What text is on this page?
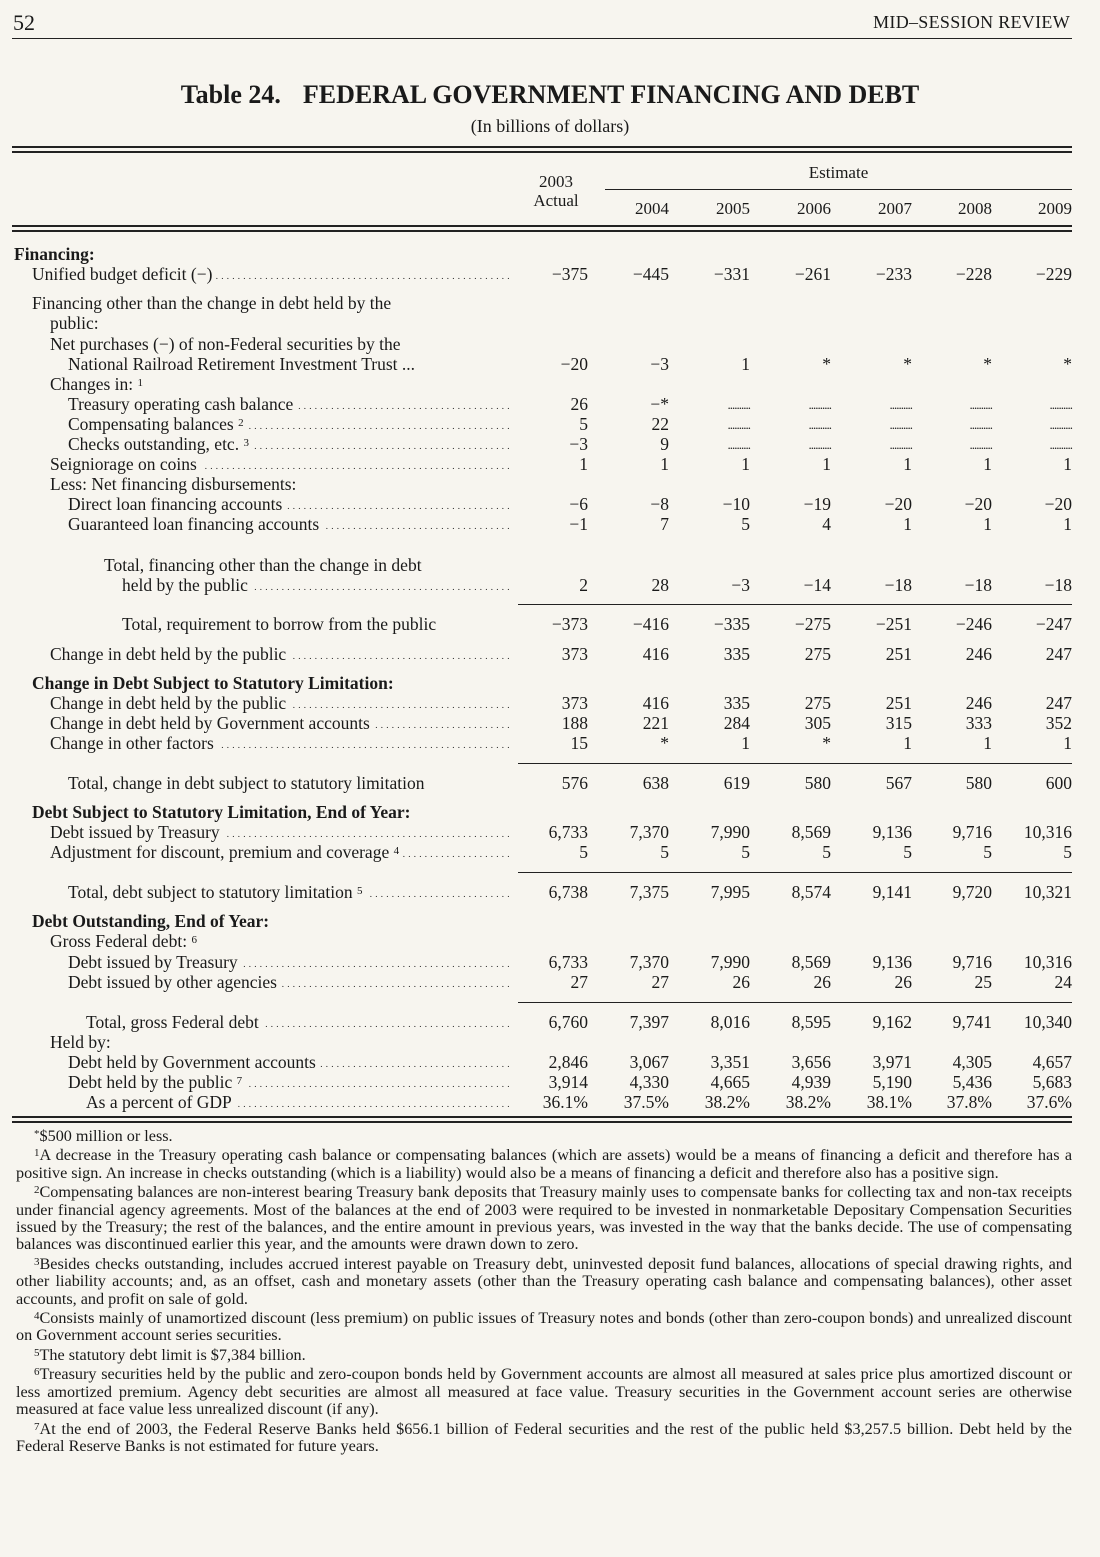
52	MID–SESSION REVIEW
Table 24. FEDERAL GOVERNMENT FINANCING AND DEBT
(In billions of dollars)
2003
Actual
Estimate
2004	2005	2006	2007	2008	2009
Financing:
Unified budget deficit (−)
. . .	−375	−445	−331	−261	−233	−228	−229
Financing other than the change in debt held by the
public:
Net purchases (−) of non-Federal securities by the
National Railroad Retirement Investment Trust ...	−20	−3	1	*	*	*	*
Changes in: $^1$
Treasury operating cash balance
. . .	26	−*	..........	..........	..........	..........	..........
Compensating balances $^2$
. . .	5	22	..........	..........	..........	..........	..........
Checks outstanding, etc. $^3$
. . .	−3	9	..........	..........	..........	..........	..........
Seigniorage on coins
. . .	1	1	1	1	1	1	1
Less: Net financing disbursements:
Direct loan financing accounts
. . .	−6	−8	−10	−19	−20	−20	−20
Guaranteed loan financing accounts
. . .	−1	7	5	4	1	1	1
Total, financing other than the change in debt
held by the public
. . .	2	28	−3	−14	−18	−18	−18
Total, requirement to borrow from the public	−373	−416	−335	−275	−251	−246	−247
Change in debt held by the public
. . .	373	416	335	275	251	246	247
Change in Debt Subject to Statutory Limitation:
Change in debt held by the public
. . .	373	416	335	275	251	246	247
Change in debt held by Government accounts
. . .	188	221	284	305	315	333	352
Change in other factors
. . .	15	*	1	*	1	1	1
Total, change in debt subject to statutory limitation	576	638	619	580	567	580	600
Debt Subject to Statutory Limitation, End of Year:
Debt issued by Treasury
. . .	6,733	7,370	7,990	8,569	9,136	9,716	10,316
Adjustment for discount, premium and coverage $^4$
. . .	5	5	5	5	5	5	5
Total, debt subject to statutory limitation $^5$
. . .	6,738	7,375	7,995	8,574	9,141	9,720	10,321
Debt Outstanding, End of Year:
Gross Federal debt: $^6$
Debt issued by Treasury
. . .	6,733	7,370	7,990	8,569	9,136	9,716	10,316
Debt issued by other agencies
. . .	27	27	26	26	26	25	24
Total, gross Federal debt
. . .	6,760	7,397	8,016	8,595	9,162	9,741	10,340
Held by:
Debt held by Government accounts
. . .	2,846	3,067	3,351	3,656	3,971	4,305	4,657
Debt held by the public $^7$
. . .	3,914	4,330	4,665	4,939	5,190	5,436	5,683
As a percent of GDP
. . .	36.1%	37.5%	38.2%	38.2%	38.1%	37.8%	37.6%

*$500 million or less.

$^1$A decrease in the Treasury operating cash balance or compensating balances (which are assets) would be a means of financing a deficit and therefore has a positive sign. An increase in checks outstanding (which is a liability) would also be a means of financing a deficit and therefore also has a positive sign.

$^2$Compensating balances are non-interest bearing Treasury bank deposits that Treasury mainly uses to compensate banks for collecting tax and non-tax receipts under financial agency agreements. Most of the balances at the end of 2003 were required to be invested in nonmarketable Depositary Compensation Securities issued by the Treasury; the rest of the balances, and the entire amount in previous years, was invested in the way that the banks decide. The use of compensating balances was discontinued earlier this year, and the amounts were drawn down to zero.

$^3$Besides checks outstanding, includes accrued interest payable on Treasury debt, uninvested deposit fund balances, allocations of special drawing rights, and other liability accounts; and, as an offset, cash and monetary assets (other than the Treasury operating cash balance and compensating balances), other asset accounts, and profit on sale of gold.

$^4$Consists mainly of unamortized discount (less premium) on public issues of Treasury notes and bonds (other than zero-coupon bonds) and unrealized discount on Government account series securities.

$^5$The statutory debt limit is $7,384 billion.

$^6$Treasury securities held by the public and zero-coupon bonds held by Government accounts are almost all measured at sales price plus amortized discount or less amortized premium. Agency debt securities are almost all measured at face value. Treasury securities in the Government account series are otherwise measured at face value less unrealized discount (if any).

$^7$At the end of 2003, the Federal Reserve Banks held $656.1 billion of Federal securities and the rest of the public held $3,257.5 billion. Debt held by the Federal Reserve Banks is not estimated for future years.
